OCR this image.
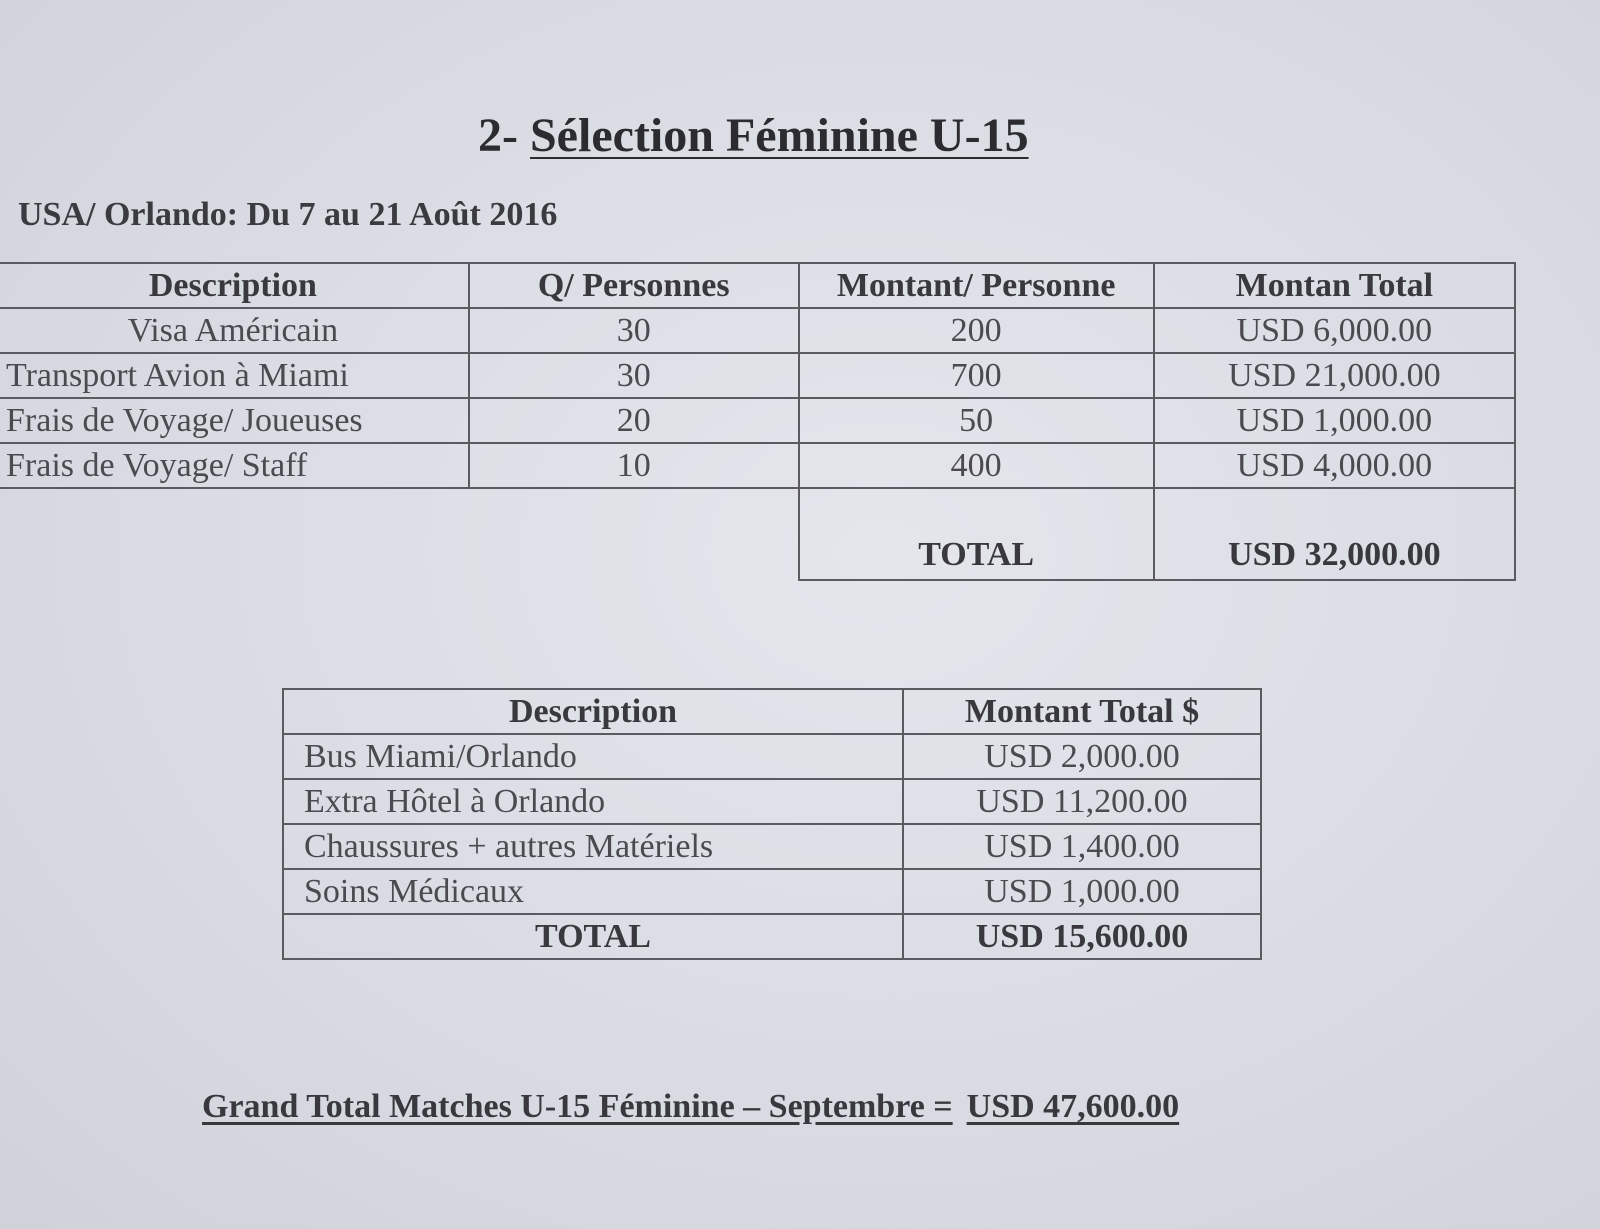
2- Sélection Féminine U-15
USA/ Orlando: Du 7 au 21 Août 2016
Description	Q/ Personnes	Montant/ Personne	Montan Total
Visa Américain	30	200	USD 6,000.00
Transport Avion à Miami	30	700	USD 21,000.00
Frais de Voyage/ Joueuses	20	50	USD 1,000.00
Frais de Voyage/ Staff	10	400	USD 4,000.00
		TOTAL	USD 32,000.00
Description	Montant Total $
Bus Miami/Orlando	USD 2,000.00
Extra Hôtel à Orlando	USD 11,200.00
Chaussures + autres Matériels	USD 1,400.00
Soins Médicaux	USD 1,000.00
TOTAL	USD 15,600.00
Grand Total Matches U-15 Féminine – Septembre = USD 47,600.00
